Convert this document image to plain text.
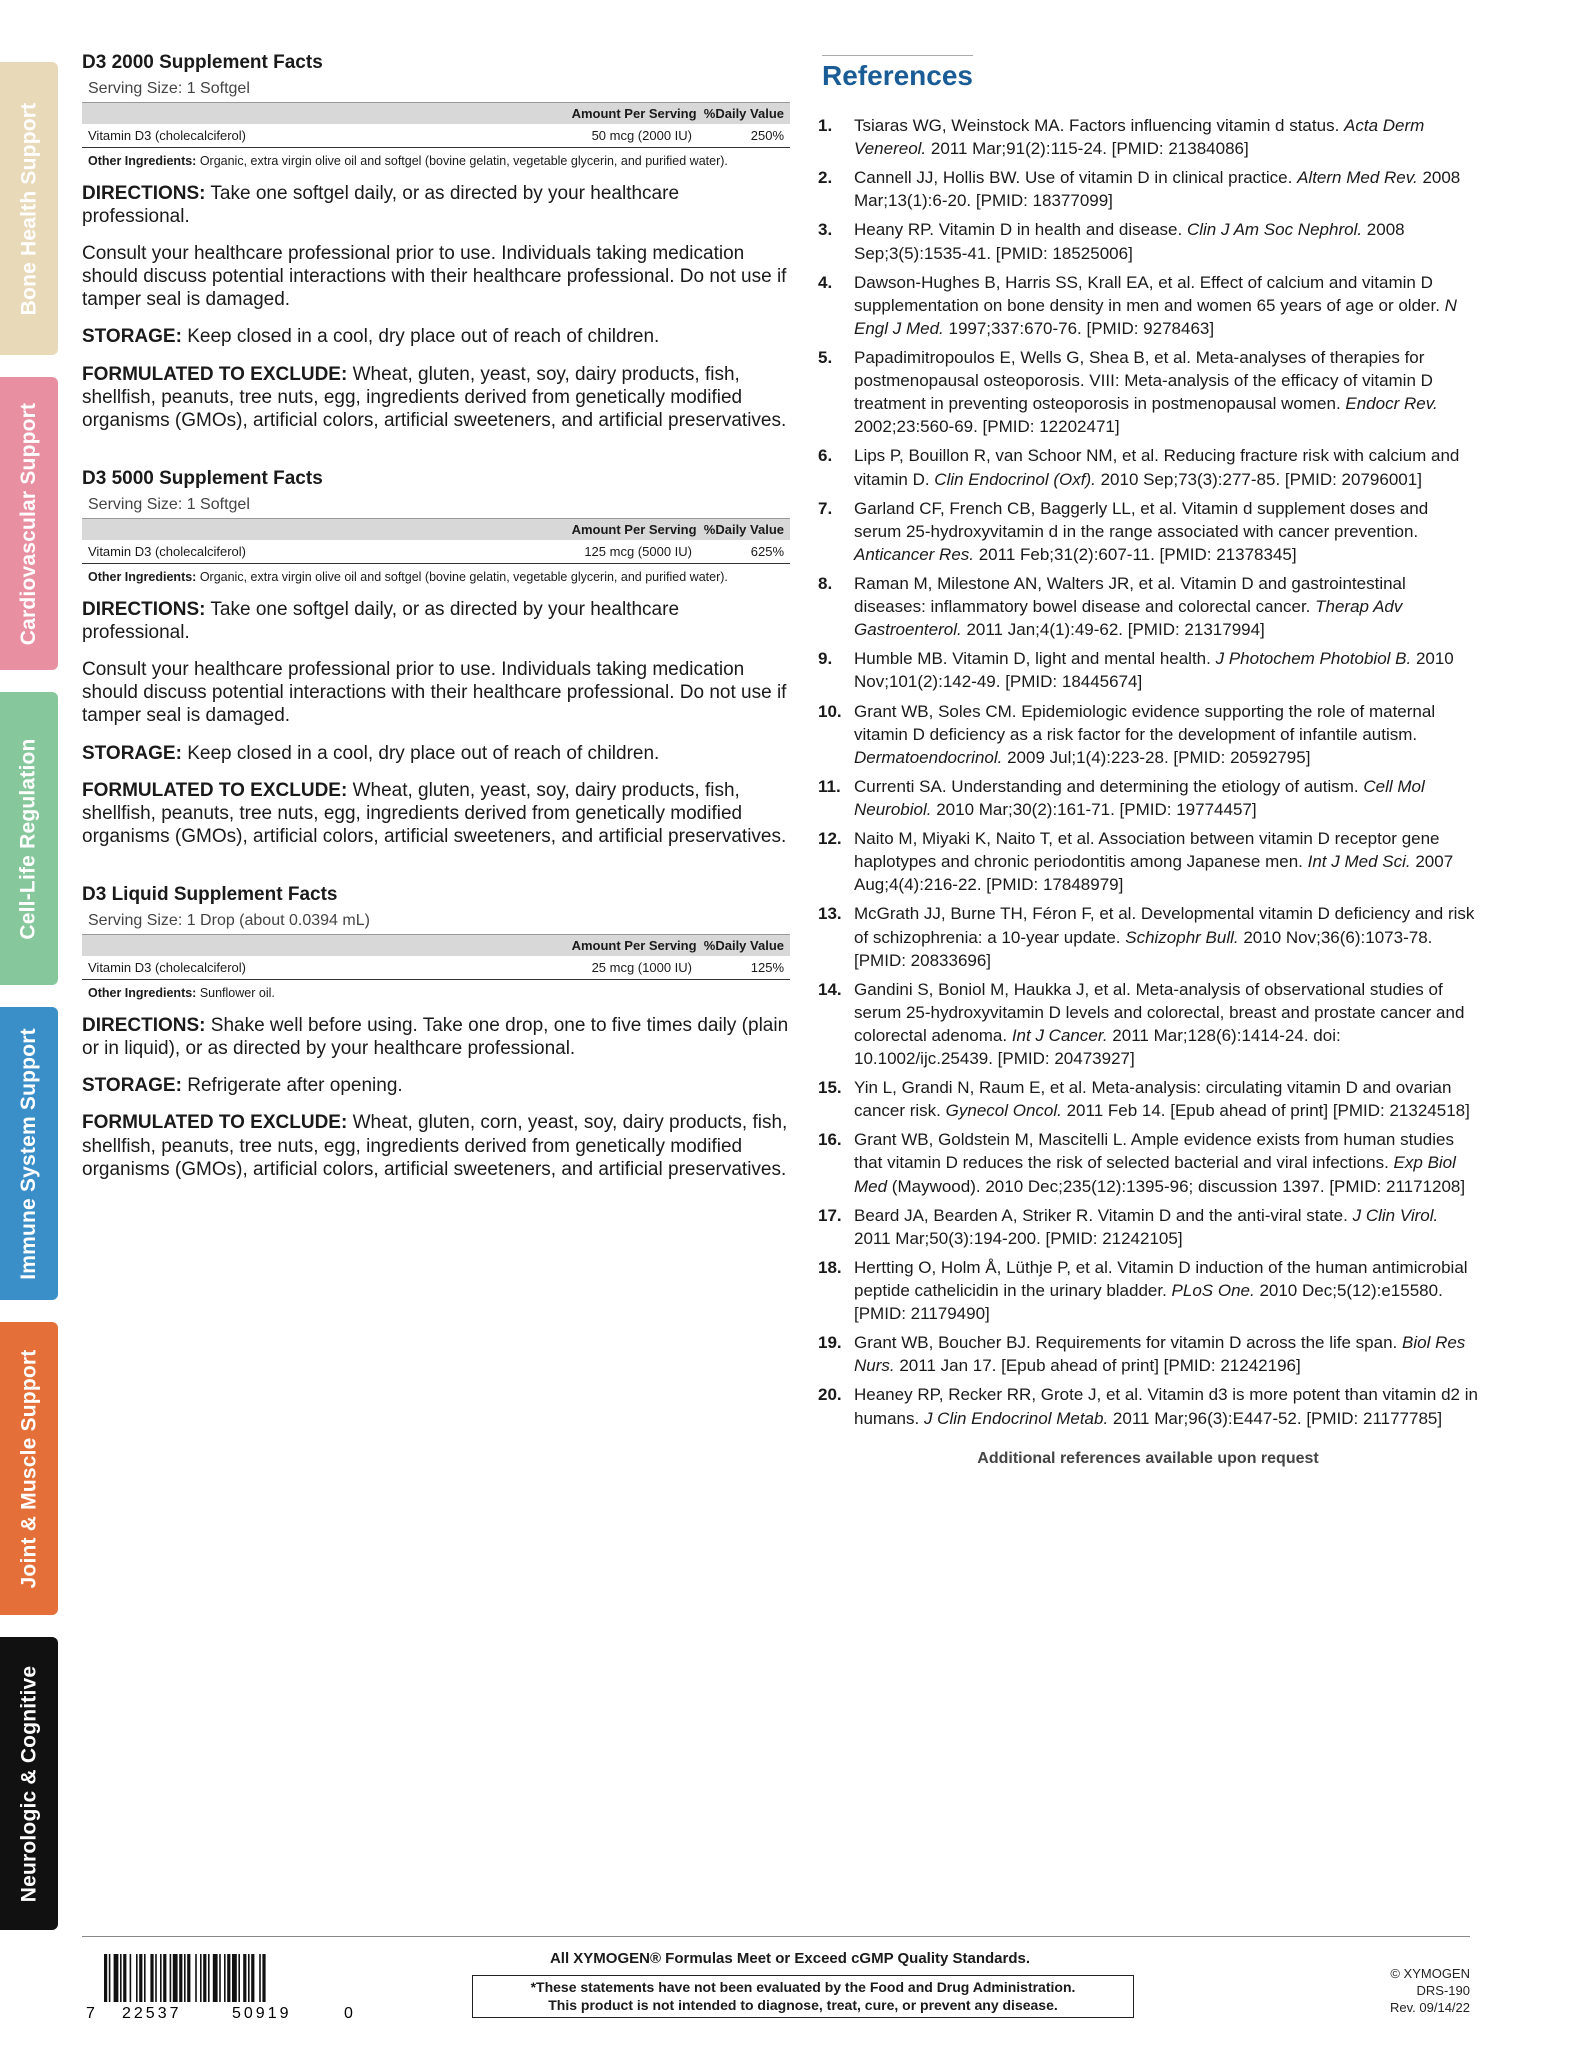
Bone Health Support
Cardiovascular Support
Cell-Life Regulation
Immune System Support
Joint & Muscle Support
Neurologic & Cognitive
D3 2000 Supplement Facts
Serving Size: 1 Softgel
	Amount Per Serving %Daily Value	
Vitamin D3 (cholecalciferol)	50 mcg (2000 IU)	250%
Other Ingredients: Organic, extra virgin olive oil and softgel (bovine gelatin, vegetable glycerin, and purified water).
DIRECTIONS: Take one softgel daily, or as directed by your healthcare professional.
Consult your healthcare professional prior to use. Individuals taking medication should discuss potential interactions with their healthcare professional. Do not use if tamper seal is damaged.
STORAGE: Keep closed in a cool, dry place out of reach of children.
FORMULATED TO EXCLUDE: Wheat, gluten, yeast, soy, dairy products, fish, shellfish, peanuts, tree nuts, egg, ingredients derived from genetically modified organisms (GMOs), artificial colors, artificial sweeteners, and artificial preservatives.
D3 5000 Supplement Facts
Serving Size: 1 Softgel
	Amount Per Serving %Daily Value	
Vitamin D3 (cholecalciferol)	125 mcg (5000 IU)	625%
Other Ingredients: Organic, extra virgin olive oil and softgel (bovine gelatin, vegetable glycerin, and purified water).
DIRECTIONS: Take one softgel daily, or as directed by your healthcare professional.
Consult your healthcare professional prior to use. Individuals taking medication should discuss potential interactions with their healthcare professional. Do not use if tamper seal is damaged.
STORAGE: Keep closed in a cool, dry place out of reach of children.
FORMULATED TO EXCLUDE: Wheat, gluten, yeast, soy, dairy products, fish, shellfish, peanuts, tree nuts, egg, ingredients derived from genetically modified organisms (GMOs), artificial colors, artificial sweeteners, and artificial preservatives.
D3 Liquid Supplement Facts
Serving Size: 1 Drop (about 0.0394 mL)
	Amount Per Serving %Daily Value	
Vitamin D3 (cholecalciferol)	25 mcg (1000 IU)	125%
Other Ingredients: Sunflower oil.
DIRECTIONS: Shake well before using. Take one drop, one to five times daily (plain or in liquid), or as directed by your healthcare professional.
STORAGE: Refrigerate after opening.
FORMULATED TO EXCLUDE: Wheat, gluten, corn, yeast, soy, dairy products, fish, shellfish, peanuts, tree nuts, egg, ingredients derived from genetically modified organisms (GMOs), artificial colors, artificial sweeteners, and artificial preservatives.
References
1.	Tsiaras WG, Weinstock MA. Factors influencing vitamin d status. Acta Derm Venereol. 2011 Mar;91(2):115-24. [PMID: 21384086]
2.	Cannell JJ, Hollis BW. Use of vitamin D in clinical practice. Altern Med Rev. 2008 Mar;13(1):6-20. [PMID: 18377099]
3.	Heany RP. Vitamin D in health and disease. Clin J Am Soc Nephrol. 2008 Sep;3(5):1535-41. [PMID: 18525006]
4.	Dawson-Hughes B, Harris SS, Krall EA, et al. Effect of calcium and vitamin D supplementation on bone density in men and women 65 years of age or older. N Engl J Med. 1997;337:670-76. [PMID: 9278463]
5.	Papadimitropoulos E, Wells G, Shea B, et al. Meta-analyses of therapies for postmenopausal osteoporosis. VIII: Meta-analysis of the efficacy of vitamin D treatment in preventing osteoporosis in postmenopausal women. Endocr Rev. 2002;23:560-69. [PMID: 12202471]
6.	Lips P, Bouillon R, van Schoor NM, et al. Reducing fracture risk with calcium and vitamin D. Clin Endocrinol (Oxf). 2010 Sep;73(3):277-85. [PMID: 20796001]
7.	Garland CF, French CB, Baggerly LL, et al. Vitamin d supplement doses and serum 25-hydroxyvitamin d in the range associated with cancer prevention. Anticancer Res. 2011 Feb;31(2):607-11. [PMID: 21378345]
8.	Raman M, Milestone AN, Walters JR, et al. Vitamin D and gastrointestinal diseases: inflammatory bowel disease and colorectal cancer. Therap Adv Gastroenterol. 2011 Jan;4(1):49-62. [PMID: 21317994]
9.	Humble MB. Vitamin D, light and mental health. J Photochem Photobiol B. 2010 Nov;101(2):142-49. [PMID: 18445674]
10. Grant WB, Soles CM. Epidemiologic evidence supporting the role of maternal vitamin D deficiency as a risk factor for the development of infantile autism. Dermatoendocrinol. 2009 Jul;1(4):223-28. [PMID: 20592795]
11. Currenti SA. Understanding and determining the etiology of autism. Cell Mol Neurobiol. 2010 Mar;30(2):161-71. [PMID: 19774457]
12. Naito M, Miyaki K, Naito T, et al. Association between vitamin D receptor gene haplotypes and chronic periodontitis among Japanese men. Int J Med Sci. 2007 Aug;4(4):216-22. [PMID: 17848979]
13. McGrath JJ, Burne TH, Féron F, et al. Developmental vitamin D deficiency and risk of schizophrenia: a 10-year update. Schizophr Bull. 2010 Nov;36(6):1073-78. [PMID: 20833696]
14. Gandini S, Boniol M, Haukka J, et al. Meta-analysis of observational studies of serum 25-hydroxyvitamin D levels and colorectal, breast and prostate cancer and colorectal adenoma. Int J Cancer. 2011 Mar;128(6):1414-24. doi: 10.1002/ijc.25439. [PMID: 20473927]
15. Yin L, Grandi N, Raum E, et al. Meta-analysis: circulating vitamin D and ovarian cancer risk. Gynecol Oncol. 2011 Feb 14. [Epub ahead of print] [PMID: 21324518]
16. Grant WB, Goldstein M, Mascitelli L. Ample evidence exists from human studies that vitamin D reduces the risk of selected bacterial and viral infections. Exp Biol Med (Maywood). 2010 Dec;235(12):1395-96; discussion 1397. [PMID: 21171208]
17. Beard JA, Bearden A, Striker R. Vitamin D and the anti-viral state. J Clin Virol. 2011 Mar;50(3):194-200. [PMID: 21242105]
18. Hertting O, Holm Å, Lüthje P, et al. Vitamin D induction of the human antimicrobial peptide cathelicidin in the urinary bladder. PLoS One. 2010 Dec;5(12):e15580. [PMID: 21179490]
19. Grant WB, Boucher BJ. Requirements for vitamin D across the life span. Biol Res Nurs. 2011 Jan 17. [Epub ahead of print] [PMID: 21242196]
20. Heaney RP, Recker RR, Grote J, et al. Vitamin d3 is more potent than vitamin d2 in humans. J Clin Endocrinol Metab. 2011 Mar;96(3):E447-52. [PMID: 21177785]
Additional references available upon request
7 22537	50919	0
All XYMOGEN® Formulas Meet or Exceed cGMP Quality Standards.
*These statements have not been evaluated by the Food and Drug Administration.
This product is not intended to diagnose, treat, cure, or prevent any disease.
© XYMOGEN
DRS-190
Rev. 09/14/22
